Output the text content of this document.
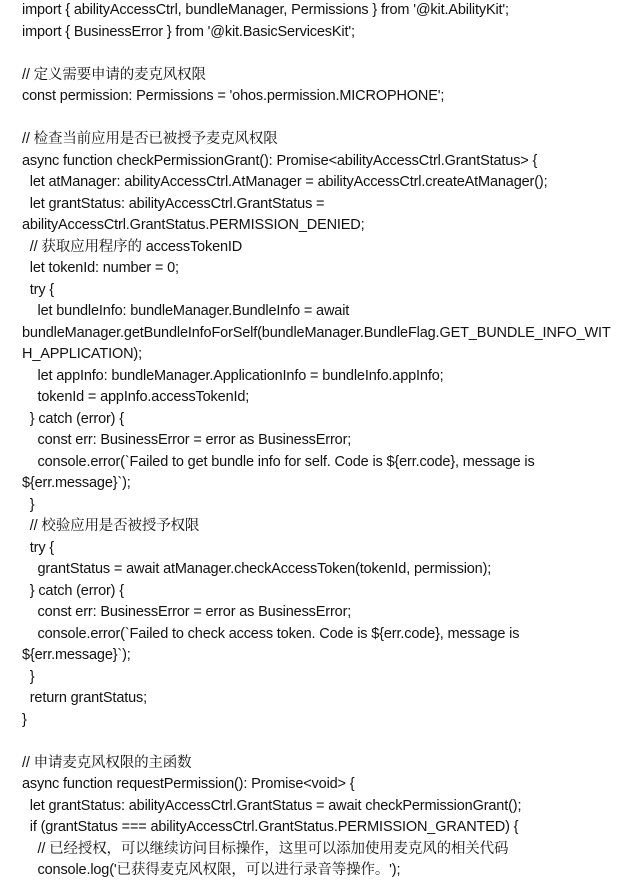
import { abilityAccessCtrl, bundleManager, Permissions } from '@kit.AbilityKit';
import { BusinessError } from '@kit.BasicServicesKit';
// 定义需要申请的麦克风权限
const permission: Permissions = 'ohos.permission.MICROPHONE';
// 检查当前应用是否已被授予麦克风权限
async function checkPermissionGrant(): Promise<abilityAccessCtrl.GrantStatus> {
let atManager: abilityAccessCtrl.AtManager = abilityAccessCtrl.createAtManager();
let grantStatus: abilityAccessCtrl.GrantStatus =
abilityAccessCtrl.GrantStatus.PERMISSION_DENIED;
// 获取应用程序的 accessTokenID
let tokenId: number = 0;
try {
let bundleInfo: bundleManager.BundleInfo = await
bundleManager.getBundleInfoForSelf(bundleManager.BundleFlag.GET_BUNDLE_INFO_WIT
H_APPLICATION);
let appInfo: bundleManager.ApplicationInfo = bundleInfo.appInfo;
tokenId = appInfo.accessTokenId;
} catch (error) {
const err: BusinessError = error as BusinessError;
console.error(`Failed to get bundle info for self. Code is ${err.code}, message is
${err.message}`);
}
// 校验应用是否被授予权限
try {
grantStatus = await atManager.checkAccessToken(tokenId, permission);
} catch (error) {
const err: BusinessError = error as BusinessError;
console.error(`Failed to check access token. Code is ${err.code}, message is
${err.message}`);
}
return grantStatus;
}
// 申请麦克风权限的主函数
async function requestPermission(): Promise<void> {
let grantStatus: abilityAccessCtrl.GrantStatus = await checkPermissionGrant();
if (grantStatus === abilityAccessCtrl.GrantStatus.PERMISSION_GRANTED) {
// 已经授权，可以继续访问目标操作，这里可以添加使用麦克风的相关代码
console.log('已获得麦克风权限，可以进行录音等操作。');
